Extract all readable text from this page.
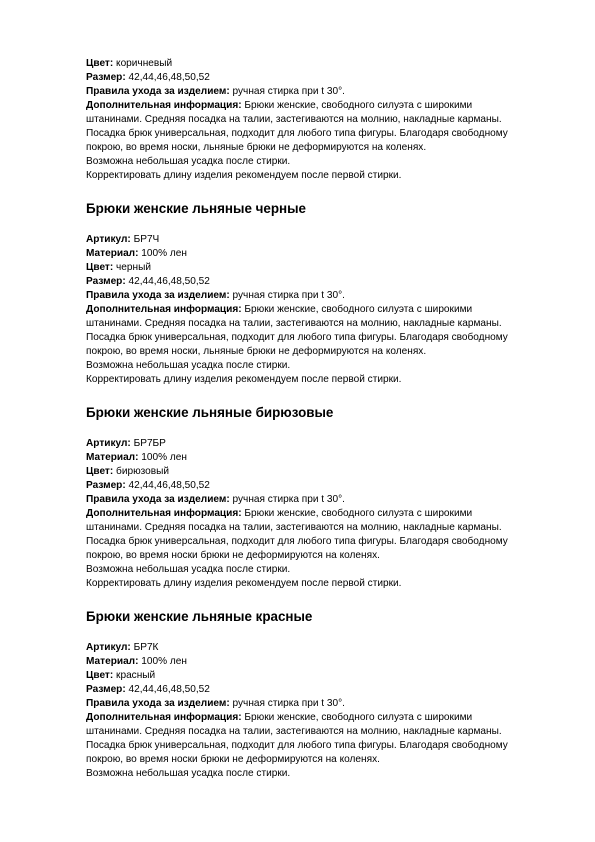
Цвет: коричневый
Размер: 42,44,46,48,50,52
Правила ухода за изделием: ручная стирка при t 30°.
Дополнительная информация: Брюки женские, свободного силуэта с широкими
штанинами. Средняя посадка на талии, застегиваются на молнию, накладные карманы.
Посадка брюк универсальная, подходит для любого типа фигуры. Благодаря свободному
покрою, во время носки, льняные брюки не деформируются на коленях.
Возможна небольшая усадка после стирки.
Корректировать длину изделия рекомендуем после первой стирки.
Брюки женские льняные черные
Артикул: БР7Ч
Материал: 100% лен
Цвет: черный
Размер: 42,44,46,48,50,52
Правила ухода за изделием: ручная стирка при t 30°.
Дополнительная информация: Брюки женские, свободного силуэта с широкими
штанинами. Средняя посадка на талии, застегиваются на молнию, накладные карманы.
Посадка брюк универсальная, подходит для любого типа фигуры. Благодаря свободному
покрою, во время носки, льняные брюки не деформируются на коленях.
Возможна небольшая усадка после стирки.
Корректировать длину изделия рекомендуем после первой стирки.
Брюки женские льняные бирюзовые
Артикул: БР7БР
Материал: 100% лен
Цвет: бирюзовый
Размер: 42,44,46,48,50,52
Правила ухода за изделием: ручная стирка при t 30°.
Дополнительная информация: Брюки женские, свободного силуэта с широкими
штанинами. Средняя посадка на талии, застегиваются на молнию, накладные карманы.
Посадка брюк универсальная, подходит для любого типа фигуры. Благодаря свободному
покрою, во время носки брюки не деформируются на коленях.
Возможна небольшая усадка после стирки.
Корректировать длину изделия рекомендуем после первой стирки.
Брюки женские льняные красные
Артикул: БР7К
Материал: 100% лен
Цвет: красный
Размер: 42,44,46,48,50,52
Правила ухода за изделием: ручная стирка при t 30°.
Дополнительная информация: Брюки женские, свободного силуэта с широкими
штанинами. Средняя посадка на талии, застегиваются на молнию, накладные карманы.
Посадка брюк универсальная, подходит для любого типа фигуры. Благодаря свободному
покрою, во время носки брюки не деформируются на коленях.
Возможна небольшая усадка после стирки.
